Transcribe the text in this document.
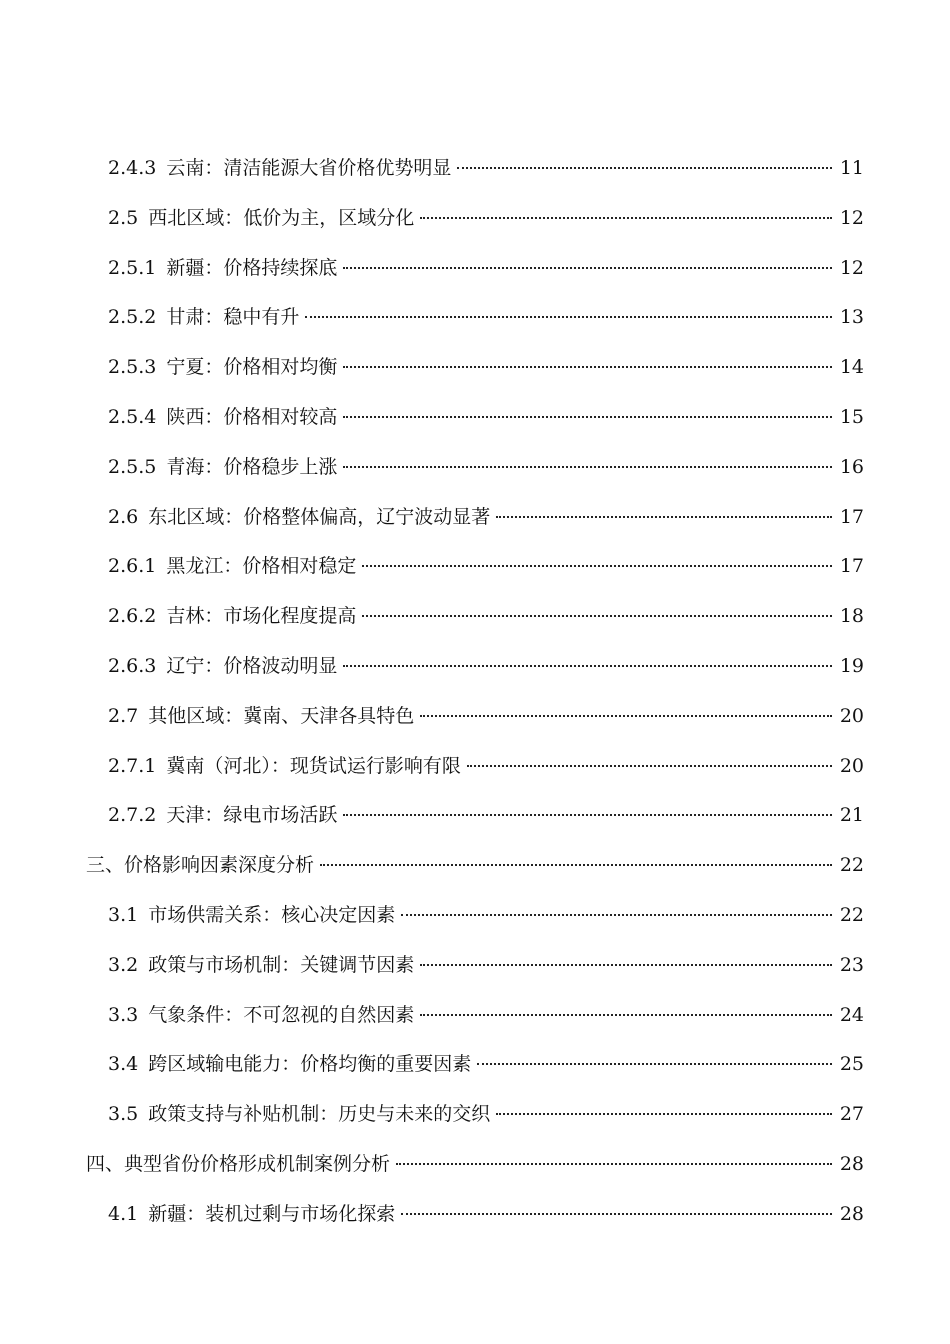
2.4.3 云南：清洁能源大省价格优势明显	11
2.5 西北区域：低价为主，区域分化	12
2.5.1 新疆：价格持续探底	12
2.5.2 甘肃：稳中有升	13
2.5.3 宁夏：价格相对均衡	14
2.5.4 陕西：价格相对较高	15
2.5.5 青海：价格稳步上涨	16
2.6 东北区域：价格整体偏高，辽宁波动显著	17
2.6.1 黑龙江：价格相对稳定	17
2.6.2 吉林：市场化程度提高	18
2.6.3 辽宁：价格波动明显	19
2.7 其他区域：冀南、天津各具特色	20
2.7.1 冀南（河北）：现货试运行影响有限	20
2.7.2 天津：绿电市场活跃	21
三、价格影响因素深度分析	22
3.1 市场供需关系：核心决定因素	22
3.2 政策与市场机制：关键调节因素	23
3.3 气象条件：不可忽视的自然因素	24
3.4 跨区域输电能力：价格均衡的重要因素	25
3.5 政策支持与补贴机制：历史与未来的交织	27
四、典型省份价格形成机制案例分析	28
4.1 新疆：装机过剩与市场化探索	28
